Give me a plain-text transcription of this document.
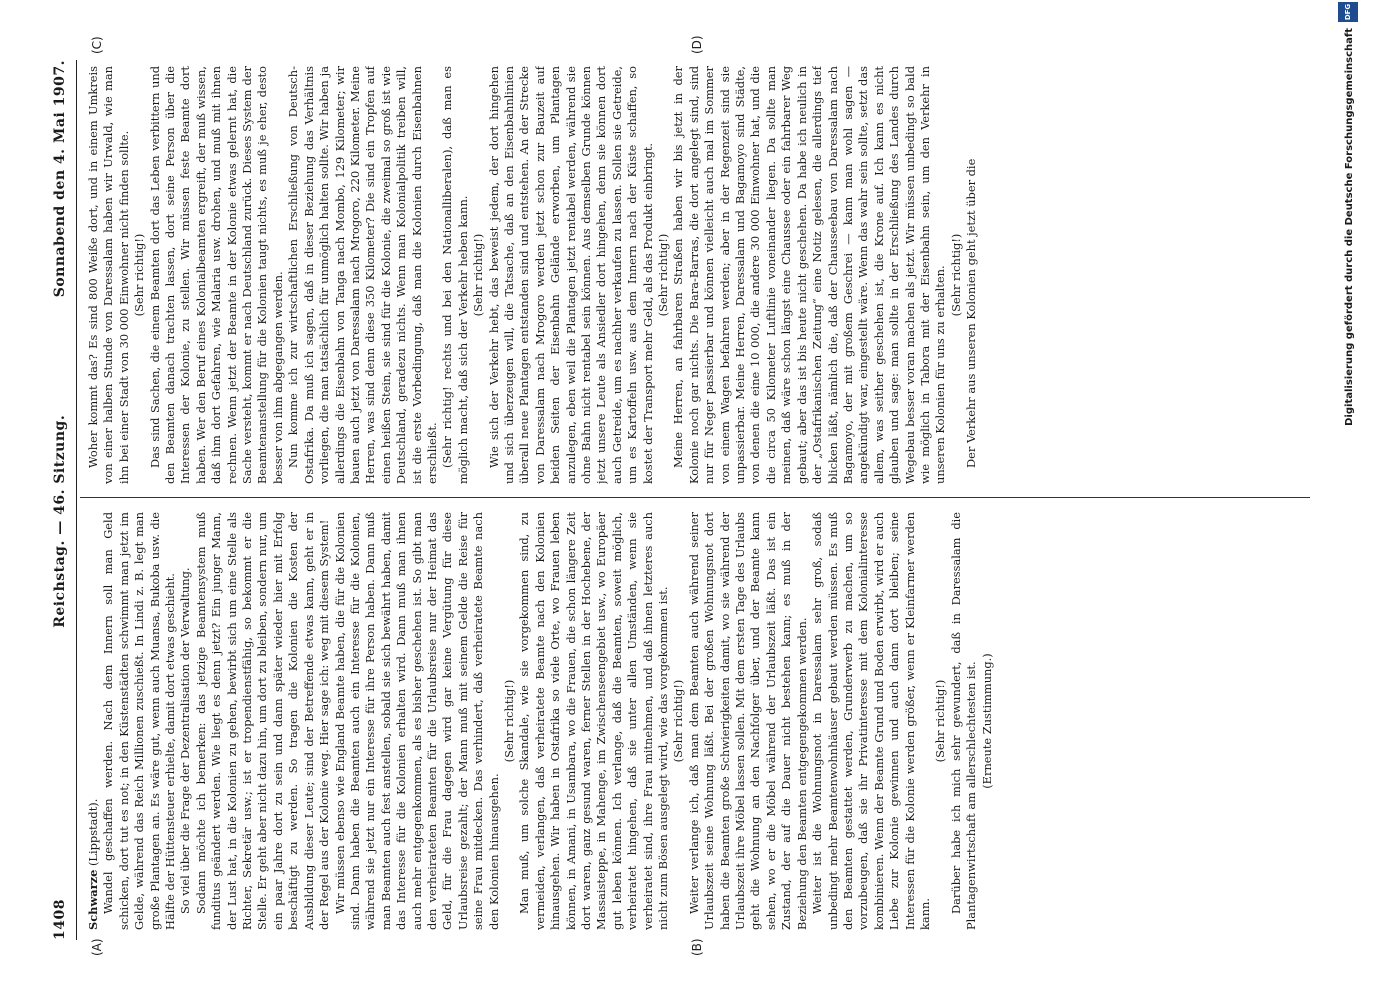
1408
Reichstag. — 46. Sitzung.
Sonnabend den 4. Mai 1907.
(A)	(B)
(C)	(D)

Schwarze (Lippstadt). Wandel geschaffen werden. Nach dem Innern soll man Geld schicken, dort tut es not; in den Küstenstädten schwimmt man jetzt im Gelde, während das Reich Millionen zuschießt. In Lindi z. B. legt man große Plantagen an. Es wäre gut, wenn auch Muansa, Bukoba usw. die Hälfte der Hüttensteuer erhielte, damit dort etwas geschieht. So viel über die Frage der Dezentralisation der Verwaltung. Sodann möchte ich bemerken: das jetzige Beamtensystem muß funditus geändert werden. Wie liegt es denn jetzt? Ein junger Mann, der Lust hat, in die Kolonien zu gehen, bewirbt sich um eine Stelle als Richter, Sekretär usw.; ist er tropendienstfähig, so bekommt er die Stelle. Er geht aber nicht dazu hin, um dort zu bleiben, sondern nur, um ein paar Jahre dort zu sein und dann später wieder hier mit Erfolg beschäftigt zu werden. So tragen die Kolonien die Kosten der Ausbildung dieser Leute; sind der Betreffende etwas kann, geht er in der Regel aus der Kolonie weg. Hier sage ich: weg mit diesem System! Wir müssen ebenso wie England Beamte haben, die für die Kolonien sind. Dann haben die Beamten auch ein Interesse für die Kolonien, während sie jetzt nur ein Interesse für ihre Person haben. Dann muß man Beamten auch fest anstellen, sobald sie sich bewährt haben, damit das Interesse für die Kolonien erhalten wird. Dann muß man ihnen auch mehr entgegenkommen, als es bisher geschehen ist. So gibt man den verheirateten Beamten für die Urlaubsreise nur der Heimat das Geld, für die Frau dagegen wird gar keine Vergütung für diese Urlaubsreise gezahlt; der Mann muß mit seinem Gelde die Reise für seine Frau mitdecken. Das verhindert, daß verheiratete Beamte nach den Kolonien hinausgehen.

(Sehr richtig!) Man muß, um solche Skandale, wie sie vorgekommen sind, zu vermeiden, verlangen, daß verheiratete Beamte nach den Kolonien hinausgehen. Wir haben in Ostafrika so viele Orte, wo Frauen leben können, in Amani, in Usambara, wo die Frauen, die schon längere Zeit dort waren, ganz gesund waren, ferner Stellen in der Hochebene, der Massaisteppe, in Mahenge, im Zwischenseengebiet usw., wo Europäer gut leben können. Ich verlange, daß die Beamten, soweit möglich, verheiratet hingehen, daß sie unter allen Umständen, wenn sie verheiratet sind, ihre Frau mitnehmen, und daß ihnen letzteres auch nicht zum Bösen ausgelegt wird, wie das vorgekommen ist. (Sehr richtig!) Weiter verlange ich, daß man dem Beamten auch während seiner Urlaubszeit seine Wohnung läßt. Bei der großen Wohnungsnot dort haben die Beamten große Schwierigkeiten damit, wo sie während der Urlaubszeit ihre Möbel lassen sollen. Mit dem ersten Tage des Urlaubs geht die Wohnung an den Nachfolger über, und der Beamte kann sehen, wo er die Möbel während der Urlaubszeit läßt. Das ist ein Zustand, der auf die Dauer nicht bestehen kann; es muß in der Beziehung den Beamten entgegengekommen werden. Weiter ist die Wohnungsnot in Daressalam sehr groß, sodaß unbedingt mehr Beamtenwohnhäuser gebaut werden müssen. Es muß den Beamten gestattet werden, Grunderwerb zu machen, um so vorzubeugen, daß sie ihr Privatinteresse mit dem Kolonialinteresse kombinieren. Wenn der Beamte Grund und Boden erwirbt, wird er auch Liebe zur Kolonie gewinnen und auch dann dort bleiben; seine Interessen für die Kolonie werden größer, wenn er Kleinfarmer werden kann.

(Sehr richtig!) Darüber habe ich mich sehr gewundert, daß in Daressalam die Plantagenwirtschaft am allerschlechtesten ist. (Erneute Zustimmung.)

Woher kommt das? Es sind 800 Weiße dort, und in einem Umkreis von einer halben Stunde von Daressalam haben wir Urwald, wie man ihn bei einer Stadt von 30 000 Einwohner nicht finden sollte. (Sehr richtig!) Das sind Sachen, die einem Beamten dort das Leben verbittern und den Beamten danach trachten lassen, dort seine Person über die Interessen der Kolonie, zu stellen. Wir müssen feste Beamte dort haben. Wer den Beruf eines Kolonialbeamten ergreift, der muß wissen, daß ihm dort Gefahren, wie Malaria usw. drohen, und muß mit ihnen rechnen. Wenn jetzt der Beamte in der Kolonie etwas gelernt hat, die Sache versteht, kommt er nach Deutschland zurück. Dieses System der Beamtenanstellung für die Kolonien taugt nichts, es muß je eher, desto besser von ihm abgegangen werden. Nun komme ich zur wirtschaftlichen Erschließung von Deutsch-Ostafrika. Da muß ich sagen, daß in dieser Beziehung das Verhältnis vorliegen, die man tatsächlich für unmöglich halten sollte. Wir haben ja allerdings die Eisenbahn von Tanga nach Mombo, 129 Kilometer; wir bauen auch jetzt von Daressalam nach Mrogoro, 220 Kilometer. Meine Herren, was sind denn diese 350 Kilometer? Die sind ein Tropfen auf einen heißen Stein, sie sind für die Kolonie, die zweimal so groß ist wie Deutschland, geradezu nichts. Wenn man Kolonialpolitik treiben will, ist die erste Vorbedingung, daß man die Kolonien durch Eisenbahnen erschließt. (Sehr richtig! rechts und bei den Nationalliberalen), daß man es möglich macht, daß sich der Verkehr heben kann. (Sehr richtig!) Wie sich der Verkehr hebt, das beweist jedem, der dort hingehen und sich überzeugen will, die Tatsache, daß an den Eisenbahnlinien überall neue Plantagen entstanden sind und entstehen. An der Strecke von Daressalam nach Mrogoro werden jetzt schon zur Bauzeit auf beiden Seiten der Eisenbahn Gelände erworben, um Plantagen anzulegen, eben weil die Plantagen jetzt rentabel werden, während sie ohne Bahn nicht rentabel sein können. Aus demselben Grunde können jetzt unsere Leute als Ansiedler dort hingehen, denn sie können dort auch Getreide, um es nachher verkaufen zu lassen. Sollen sie Getreide, um es Kartoffeln usw. aus dem Innern nach der Küste schaffen, so kostet der Transport mehr Geld, als das Produkt einbringt. (Sehr richtig!) Meine Herren, an fahrbaren Straßen haben wir bis jetzt in der Kolonie noch gar nichts. Die Bara-Barras, die dort angelegt sind, sind nur für Neger passierbar und können vielleicht auch mal im Sommer von einem Wagen befahren werden; aber in der Regenzeit sind sie unpassierbar. Meine Herren, Daressalam und Bagamoyo sind Städte, von denen die eine 10 000, die andere 30 000 Einwohner hat, und die die circa 50 Kilometer Luftlinie voneinander liegen. Da sollte man meinen, daß wäre schon längst eine Chaussee oder ein fahrbarer Weg gebaut; aber das ist bis heute nicht geschehen. Da habe ich neulich in der „Ostafrikanischen Zeitung“ eine Notiz gelesen, die allerdings tief blicken läßt, nämlich die, daß der Chausseebau von Daressalam nach Bagamoyo, der mit großem Geschrei — kann man wohl sagen — angekündigt war, eingestellt wäre. Wenn das wahr sein sollte, setzt das allem, was seither geschehen ist, die Krone auf. Ich kann es nicht glauben und sage: man sollte in der Erschließung des Landes durch Wegebau besser voran machen als jetzt. Wir müssen unbedingt so bald wie möglich in Tabora mit der Eisenbahn sein, um den Verkehr in unseren Kolonien für uns zu erhalten. (Sehr richtig!) Der Verkehr aus unseren Kolonien geht jetzt über die	Digitalisierung gefördert durch die Deutsche Forschungsgemeinschaft
DFG
